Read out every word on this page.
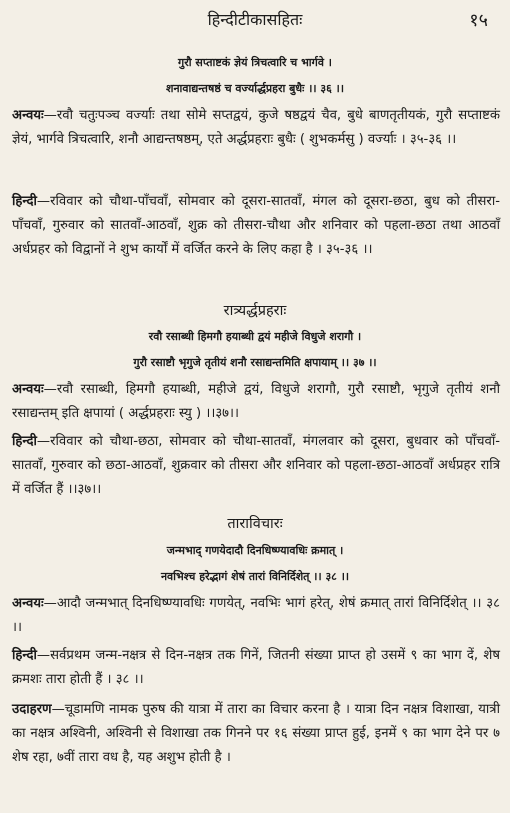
हिन्दीटीकासहितः	१५
गुरौ सप्ताष्टकं ज्ञेयं त्रिचत्वारि च भार्गवे ।
शनावाद्यन्तषष्ठं च वर्ज्यार्द्धप्रहरा बुधैः ।। ३६ ।।
अन्वयः—रवौ चतुःपञ्च वर्ज्याः तथा सोमे सप्तद्वयं, कुजे षष्ठद्वयं चैव, बुधे बाणतृतीयकं, गुरौ सप्ताष्टकं ज्ञेयं, भार्गवे त्रिचत्वारि, शनौ आद्यन्तषष्ठम्, एते अर्द्धप्रहराः बुधैः ( शुभकर्मसु ) वर्ज्याः । ३५-३६ ।।
हिन्दी—रविवार को चौथा-पाँचवाँ, सोमवार को दूसरा-सातवाँ, मंगल को दूसरा-छठा, बुध को तीसरा-पाँचवाँ, गुरुवार को सातवाँ-आठवाँ, शुक्र को तीसरा-चौथा और शनिवार को पहला-छठा तथा आठवाँ अर्धप्रहर को विद्वानों ने शुभ कार्यों में वर्जित करने के लिए कहा है । ३५-३६ ।।
रात्र्यर्द्धप्रहराः
रवौ रसाब्धी हिमगौ हयाब्धी द्वयं महीजे विधुजे शरागौ ।
गुरौ रसाष्टौ भृगुजे तृतीयं शनौ रसाद्यन्तमिति क्षपायाम् ।। ३७ ।।
अन्वयः—रवौ रसाब्धी, हिमगौ हयाब्धी, महीजे द्वयं, विधुजे शरागौ, गुरौ रसाष्टौ, भृगुजे तृतीयं शनौ रसाद्यन्तम् इति क्षपायां ( अर्द्धप्रहराः स्यु ) ।।३७।।
हिन्दी—रविवार को चौथा-छठा, सोमवार को चौथा-सातवाँ, मंगलवार को दूसरा, बुधवार को पाँचवाँ-सातवाँ, गुरुवार को छठा-आठवाँ, शुक्रवार को तीसरा और शनिवार को पहला-छठा-आठवाँ अर्धप्रहर रात्रि में वर्जित हैं ।।३७।।
ताराविचारः
जन्मभाद् गणयेदादौ दिनधिष्ण्यावधिः क्रमात् ।
नवभिश्च हरेद्भागं शेषं तारां विनिर्दिशेत् ।। ३८ ।।
अन्वयः—आदौ जन्मभात् दिनधिष्ण्यावधिः गणयेत्, नवभिः भागं हरेत्, शेषं क्रमात् तारां विनिर्दिशेत् ।। ३८ ।।
हिन्दी—सर्वप्रथम जन्म-नक्षत्र से दिन-नक्षत्र तक गिनें, जितनी संख्या प्राप्त हो उसमें ९ का भाग दें, शेष क्रमशः तारा होती हैं । ३८ ।।
उदाहरण—चूडामणि नामक पुरुष की यात्रा में तारा का विचार करना है । यात्रा दिन नक्षत्र विशाखा, यात्री का नक्षत्र अश्विनी, अश्विनी से विशाखा तक गिनने पर १६ संख्या प्राप्त हुई, इनमें ९ का भाग देने पर ७ शेष रहा, ७वीं तारा वध है, यह अशुभ होती है ।
